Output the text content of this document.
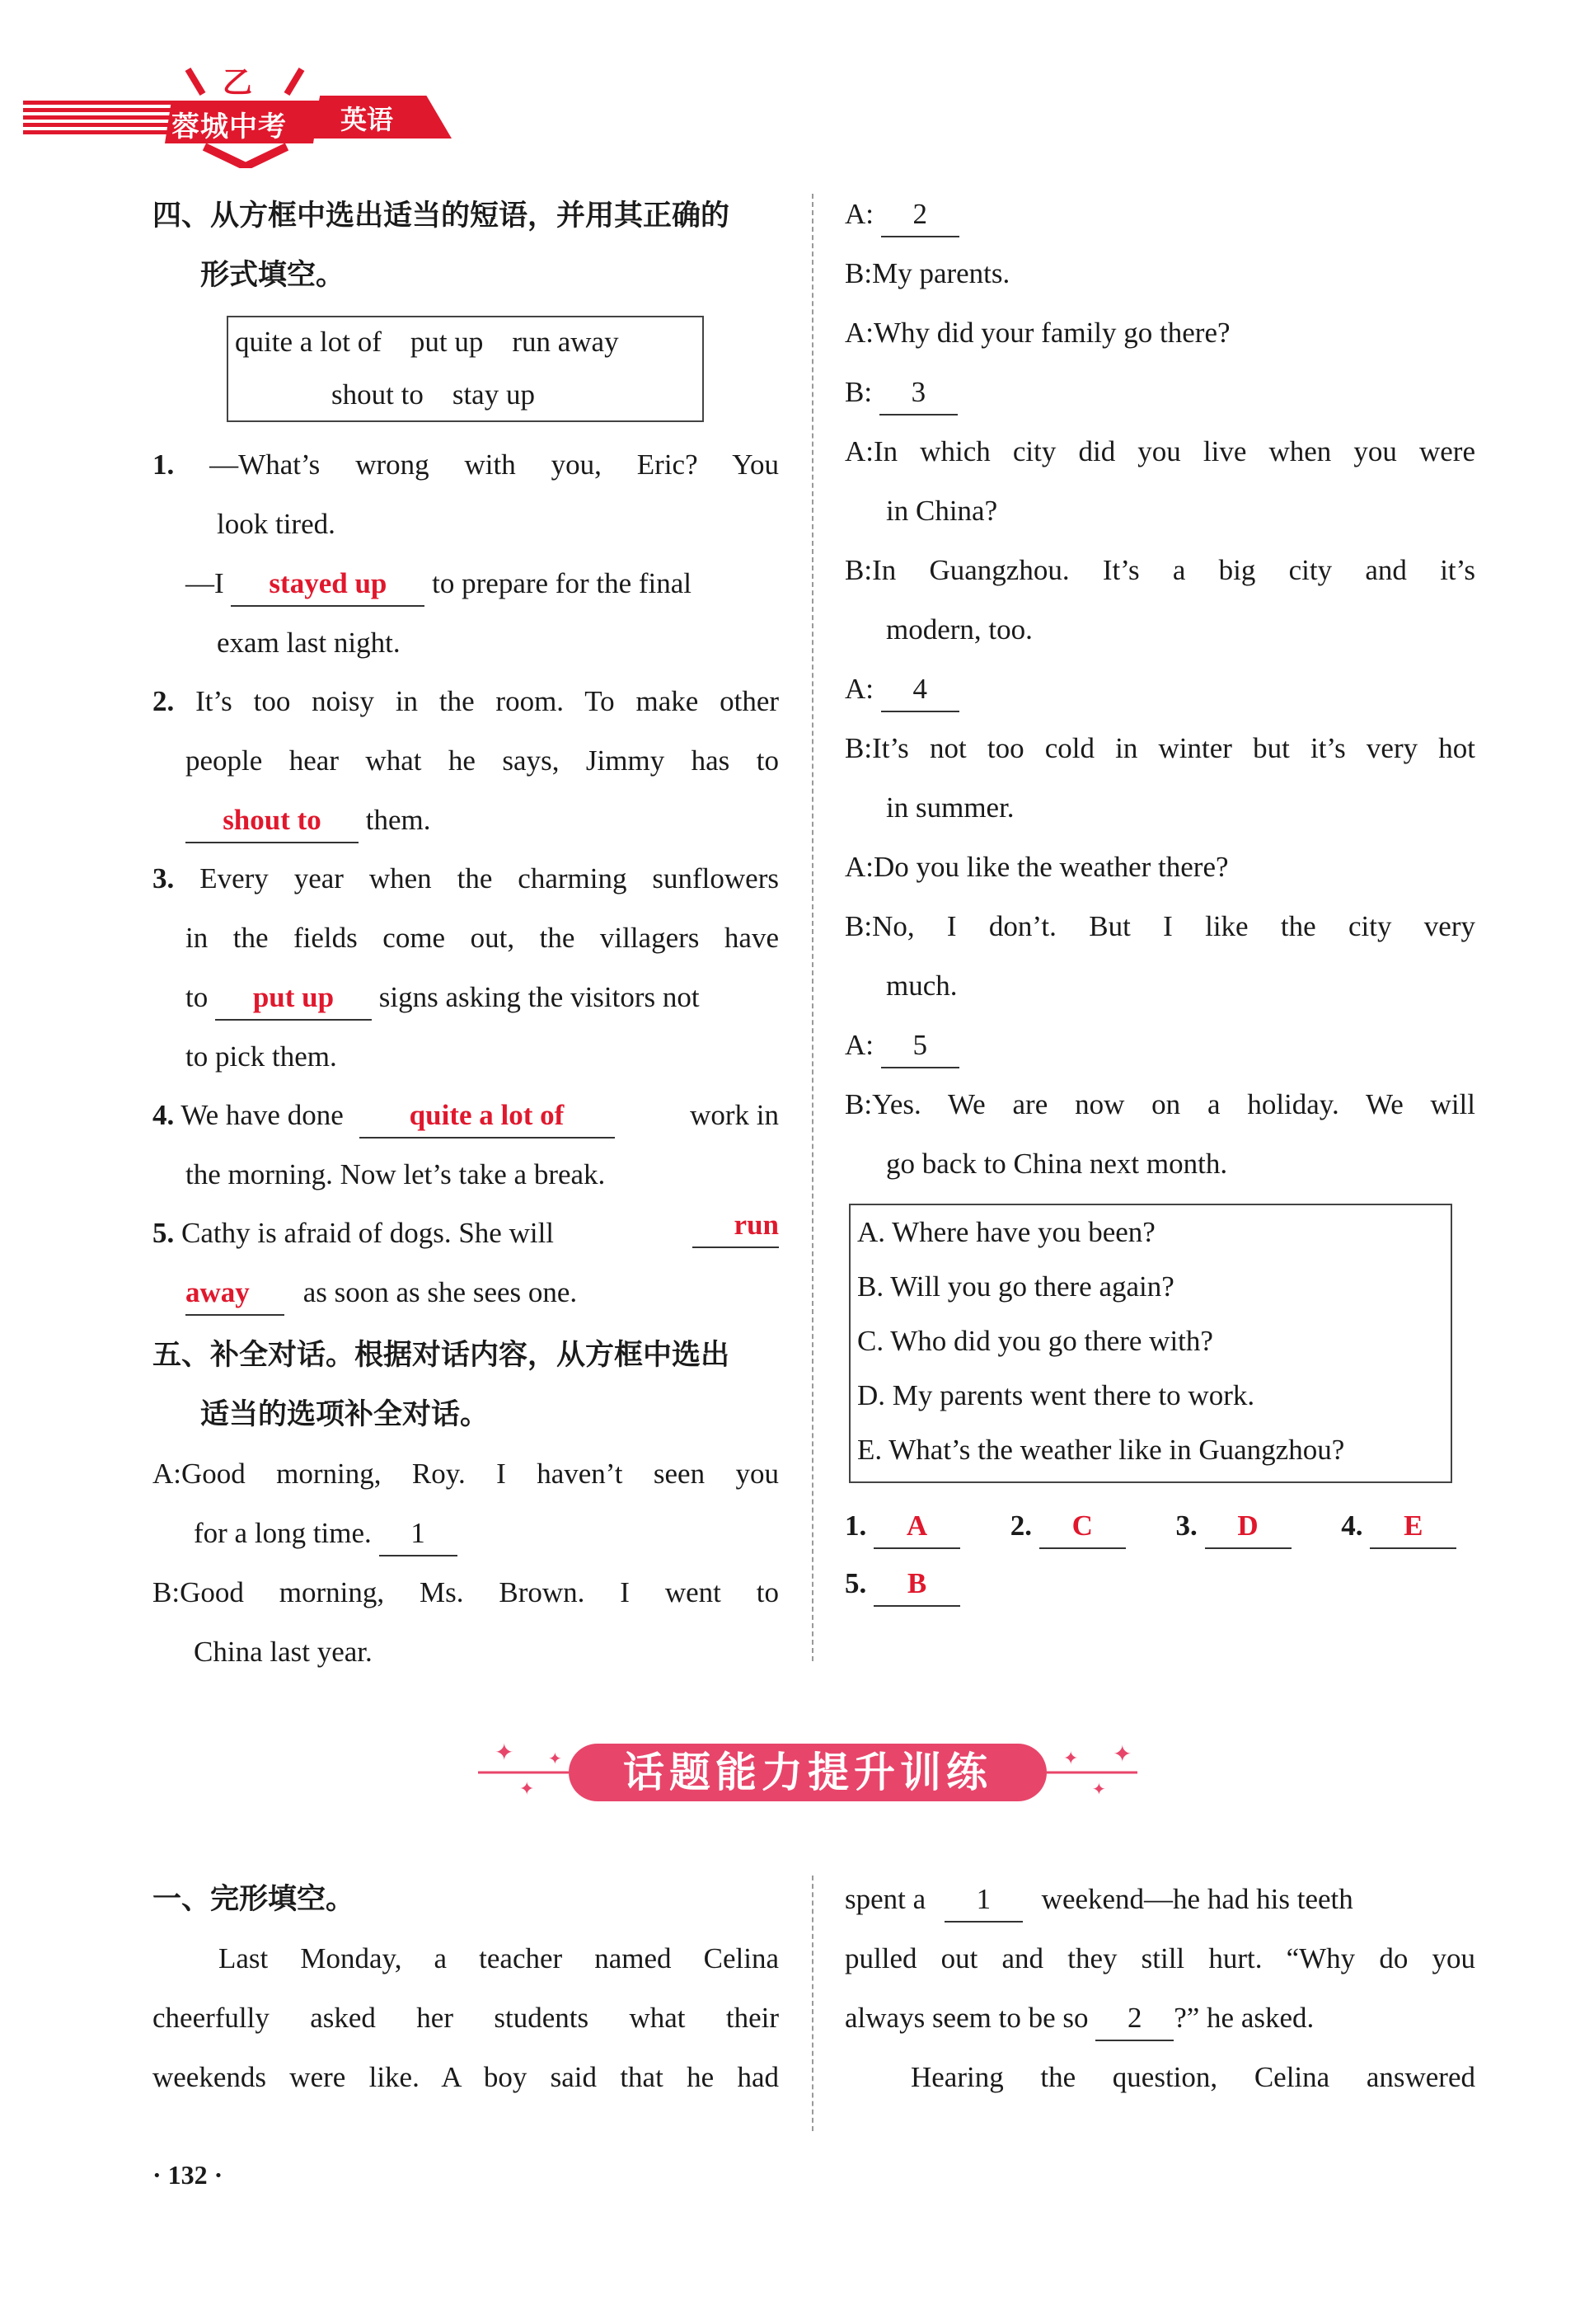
乙
蓉城中考 英语
四、从方框中选出适当的短语，并用其正确的
形式填空。
quite a lot of    put up    run away
shout to    stay up
1. —What’s wrong with you, Eric? You
look tired.
—I stayed up to prepare for the final
exam last night.
2. It’s too noisy in the room. To make other
people hear what he says, Jimmy has to
shout to them.
3. Every year when the charming sunflowers
in the fields come out, the villagers have
to put up signs asking the visitors not
to pick them.
4. We have done quite a lot of	work in
the morning. Now let’s take a break.
5. Cathy is afraid of dogs. She will	run
away as soon as she sees one.
五、补全对话。根据对话内容，从方框中选出
适当的选项补全对话。
A:Good morning, Roy. I haven’t seen you
for a long time. 1
B:Good morning, Ms. Brown. I went to
China last year.
A: 2
B:My parents.
A:Why did your family go there?
B: 3
A:In which city did you live when you were
in China?
B:In Guangzhou. It’s a big city and it’s
modern, too.
A: 4
B:It’s not too cold in winter but it’s very hot
in summer.
A:Do you like the weather there?
B:No, I don’t. But I like the city very
much.
A: 5
B:Yes. We are now on a holiday. We will
go back to China next month.
A. Where have you been?
B. Will you go there again?
C. Who did you go there with?
D. My parents went there to work.
E. What’s the weather like in Guangzhou?
1. A	2. C	3. D	4. E
5. B
✦
✦
✦	✦
✦
✦
话题能力提升训练
一、完形填空。
Last Monday, a teacher named Celina
cheerfully asked her students what their
weekends were like. A boy said that he had
spent a 1 weekend—he had his teeth
pulled out and they still hurt. “Why do you
always seem to be so 2 ?” he asked.
Hearing the question, Celina answered
· 132 ·
